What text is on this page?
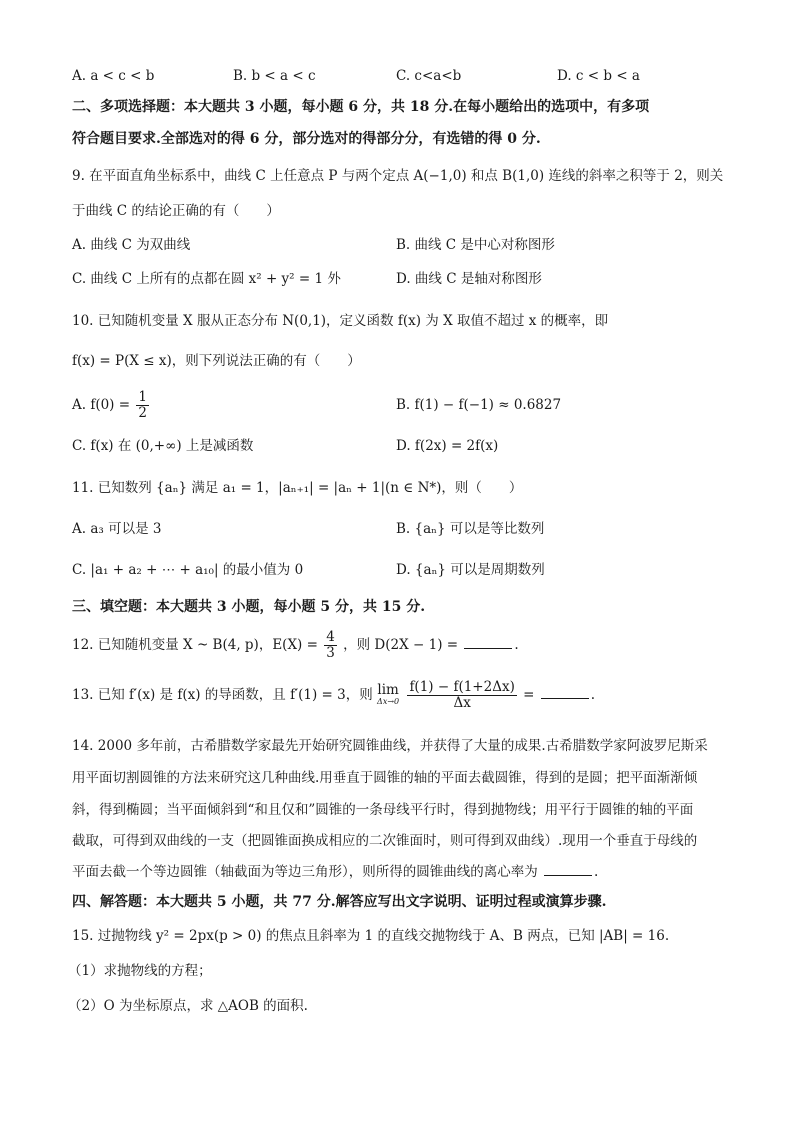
A. a < c < b	B. b < a < c	C. c<a<b	D. c < b < a
二、多项选择题：本大题共 3 小题，每小题 6 分，共 18 分.在每小题给出的选项中，有多项
符合题目要求.全部选对的得 6 分，部分选对的得部分分，有选错的得 0 分.
9. 在平面直角坐标系中，曲线 C 上任意点 P 与两个定点 A(−1,0) 和点 B(1,0) 连线的斜率之积等于 2，则关
于曲线 C 的结论正确的有（　　）
A. 曲线 C 为双曲线	B. 曲线 C 是中心对称图形
C. 曲线 C 上所有的点都在圆 x² + y² = 1 外	D. 曲线 C 是轴对称图形
10. 已知随机变量 X 服从正态分布 N(0,1)，定义函数 f(x) 为 X 取值不超过 x 的概率，即
f(x) = P(X ≤ x)，则下列说法正确的有（　　）
A. $f(0) = \frac{1}{2}$	B. f(1) − f(−1) ≈ 0.6827
C. f(x) 在 (0,+∞) 上是减函数	D. f(2x) = 2f(x)
11. 已知数列 {aₙ} 满足 a₁ = 1，|aₙ₊₁| = |aₙ + 1|(n ∈ N*)，则（　　）
A. a₃ 可以是 3	B. {aₙ} 可以是等比数列
C. |a₁ + a₂ + ⋯ + a₁₀| 的最小值为 0	D. {aₙ} 可以是周期数列
三、填空题：本大题共 3 小题，每小题 5 分，共 15 分.
12. 已知随机变量 X ~ B(4, p)，$E(X) = \frac{4}{3}$ ，则 D(2X − 1) =	.
13. 已知 f′(x) 是 f(x) 的导函数，且 f′(1) = 3，则 lim
Δx→0
$\frac{f(1) - f(1+2\Delta x)}{\Delta x}$ =	.
14. 2000 多年前，古希腊数学家最先开始研究圆锥曲线，并获得了大量的成果.古希腊数学家阿波罗尼斯采
用平面切割圆锥的方法来研究这几种曲线.用垂直于圆锥的轴的平面去截圆锥，得到的是圆；把平面渐渐倾
斜，得到椭圆；当平面倾斜到“和且仅和”圆锥的一条母线平行时，得到抛物线；用平行于圆锥的轴的平面
截取，可得到双曲线的一支（把圆锥面换成相应的二次锥面时，则可得到双曲线）.现用一个垂直于母线的
平面去截一个等边圆锥（轴截面为等边三角形），则所得的圆锥曲线的离心率为	.
四、解答题：本大题共 5 小题，共 77 分.解答应写出文字说明、证明过程或演算步骤.
15. 过抛物线 y² = 2px(p > 0) 的焦点且斜率为 1 的直线交抛物线于 A、B 两点，已知 |AB| = 16.
（1）求抛物线的方程；
（2）O 为坐标原点，求 △AOB 的面积.
